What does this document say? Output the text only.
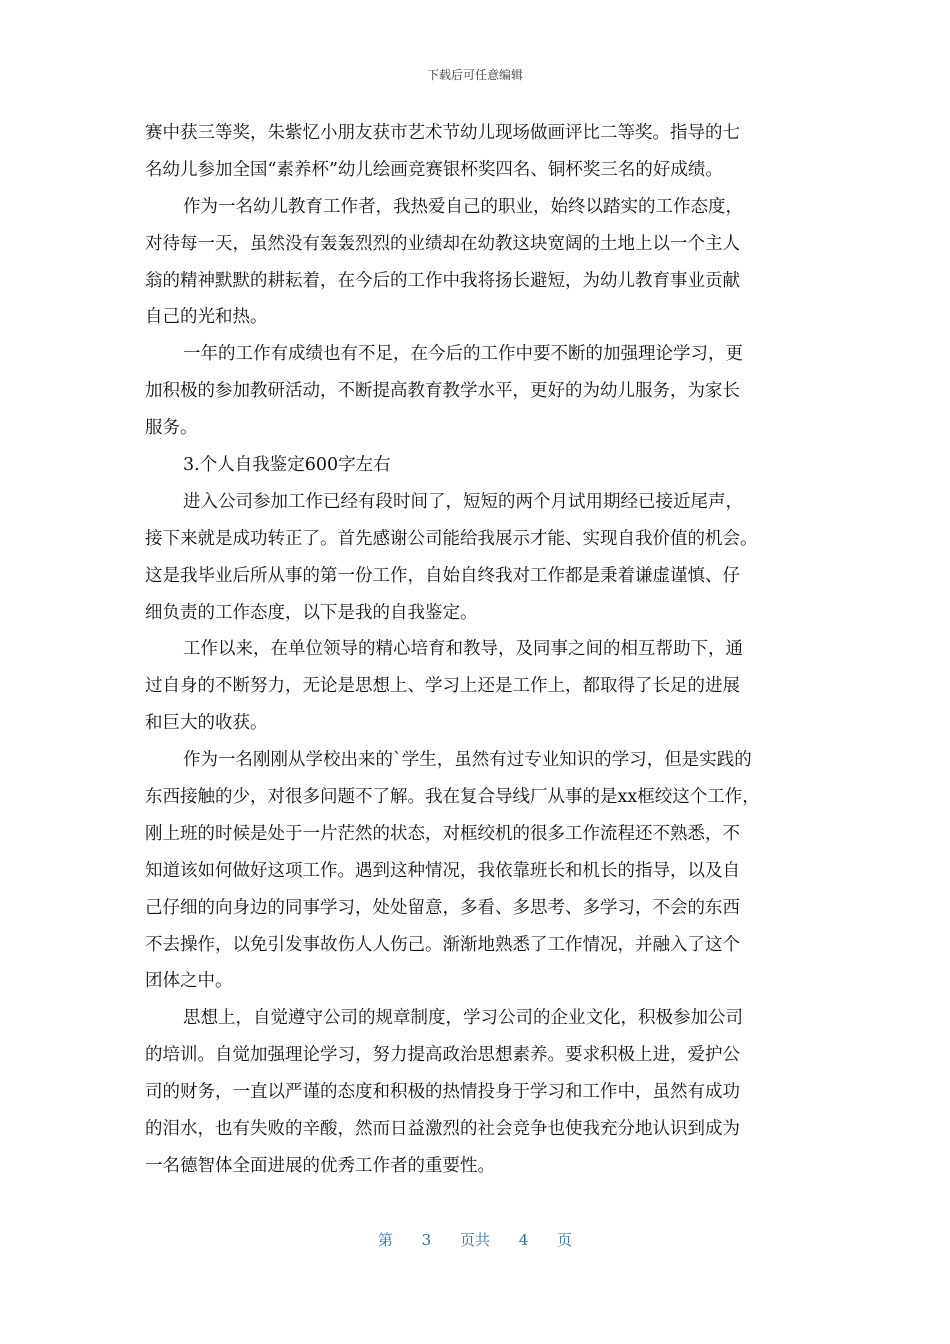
下载后可任意编辑
赛中获三等奖，朱紫忆小朋友获市艺术节幼儿现场做画评比二等奖。指导的七
名幼儿参加全国“素养杯”幼儿绘画竞赛银杯奖四名、铜杯奖三名的好成绩。
作为一名幼儿教育工作者，我热爱自己的职业，始终以踏实的工作态度，
对待每一天，虽然没有轰轰烈烈的业绩却在幼教这块宽阔的土地上以一个主人
翁的精神默默的耕耘着，在今后的工作中我将扬长避短，为幼儿教育事业贡献
自己的光和热。
一年的工作有成绩也有不足，在今后的工作中要不断的加强理论学习，更
加积极的参加教研活动，不断提高教育教学水平，更好的为幼儿服务，为家长
服务。
3.个人自我鉴定600字左右
进入公司参加工作已经有段时间了，短短的两个月试用期经已接近尾声，
接下来就是成功转正了。首先感谢公司能给我展示才能、实现自我价值的机会。
这是我毕业后所从事的第一份工作，自始自终我对工作都是秉着谦虚谨慎、仔
细负责的工作态度，以下是我的自我鉴定。
工作以来，在单位领导的精心培育和教导，及同事之间的相互帮助下，通
过自身的不断努力，无论是思想上、学习上还是工作上，都取得了长足的进展
和巨大的收获。
作为一名刚刚从学校出来的`学生，虽然有过专业知识的学习，但是实践的
东西接触的少，对很多问题不了解。我在复合导线厂从事的是xx框绞这个工作，
刚上班的时候是处于一片茫然的状态，对框绞机的很多工作流程还不熟悉，不
知道该如何做好这项工作。遇到这种情况，我依靠班长和机长的指导，以及自
己仔细的向身边的同事学习，处处留意，多看、多思考、多学习，不会的东西
不去操作，以免引发事故伤人人伤己。渐渐地熟悉了工作情况，并融入了这个
团体之中。
思想上，自觉遵守公司的规章制度，学习公司的企业文化，积极参加公司
的培训。自觉加强理论学习，努力提高政治思想素养。要求积极上进，爱护公
司的财务，一直以严谨的态度和积极的热情投身于学习和工作中，虽然有成功
的泪水，也有失败的辛酸，然而日益激烈的社会竞争也使我充分地认识到成为
一名德智体全面进展的优秀工作者的重要性。
第 3 页共 4 页
